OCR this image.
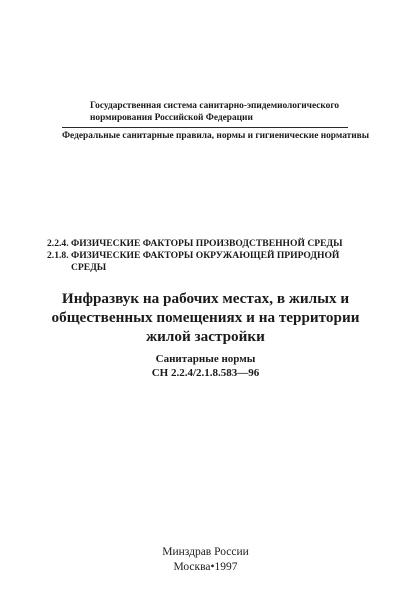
Государственная система санитарно-эпидемиологического
нормирования Российской Федерации
Федеральные санитарные правила, нормы и гигиенические нормативы
2.2.4. ФИЗИЧЕСКИЕ ФАКТОРЫ ПРОИЗВОДСТВЕННОЙ СРЕДЫ
2.1.8. ФИЗИЧЕСКИЕ ФАКТОРЫ ОКРУЖАЮЩЕЙ ПРИРОДНОЙ
СРЕДЫ
Инфразвук на рабочих местах, в жилых и
общественных помещениях и на территории
жилой застройки
Санитарные нормы
СН 2.2.4/2.1.8.583—96
Минздрав России
Москва•1997
